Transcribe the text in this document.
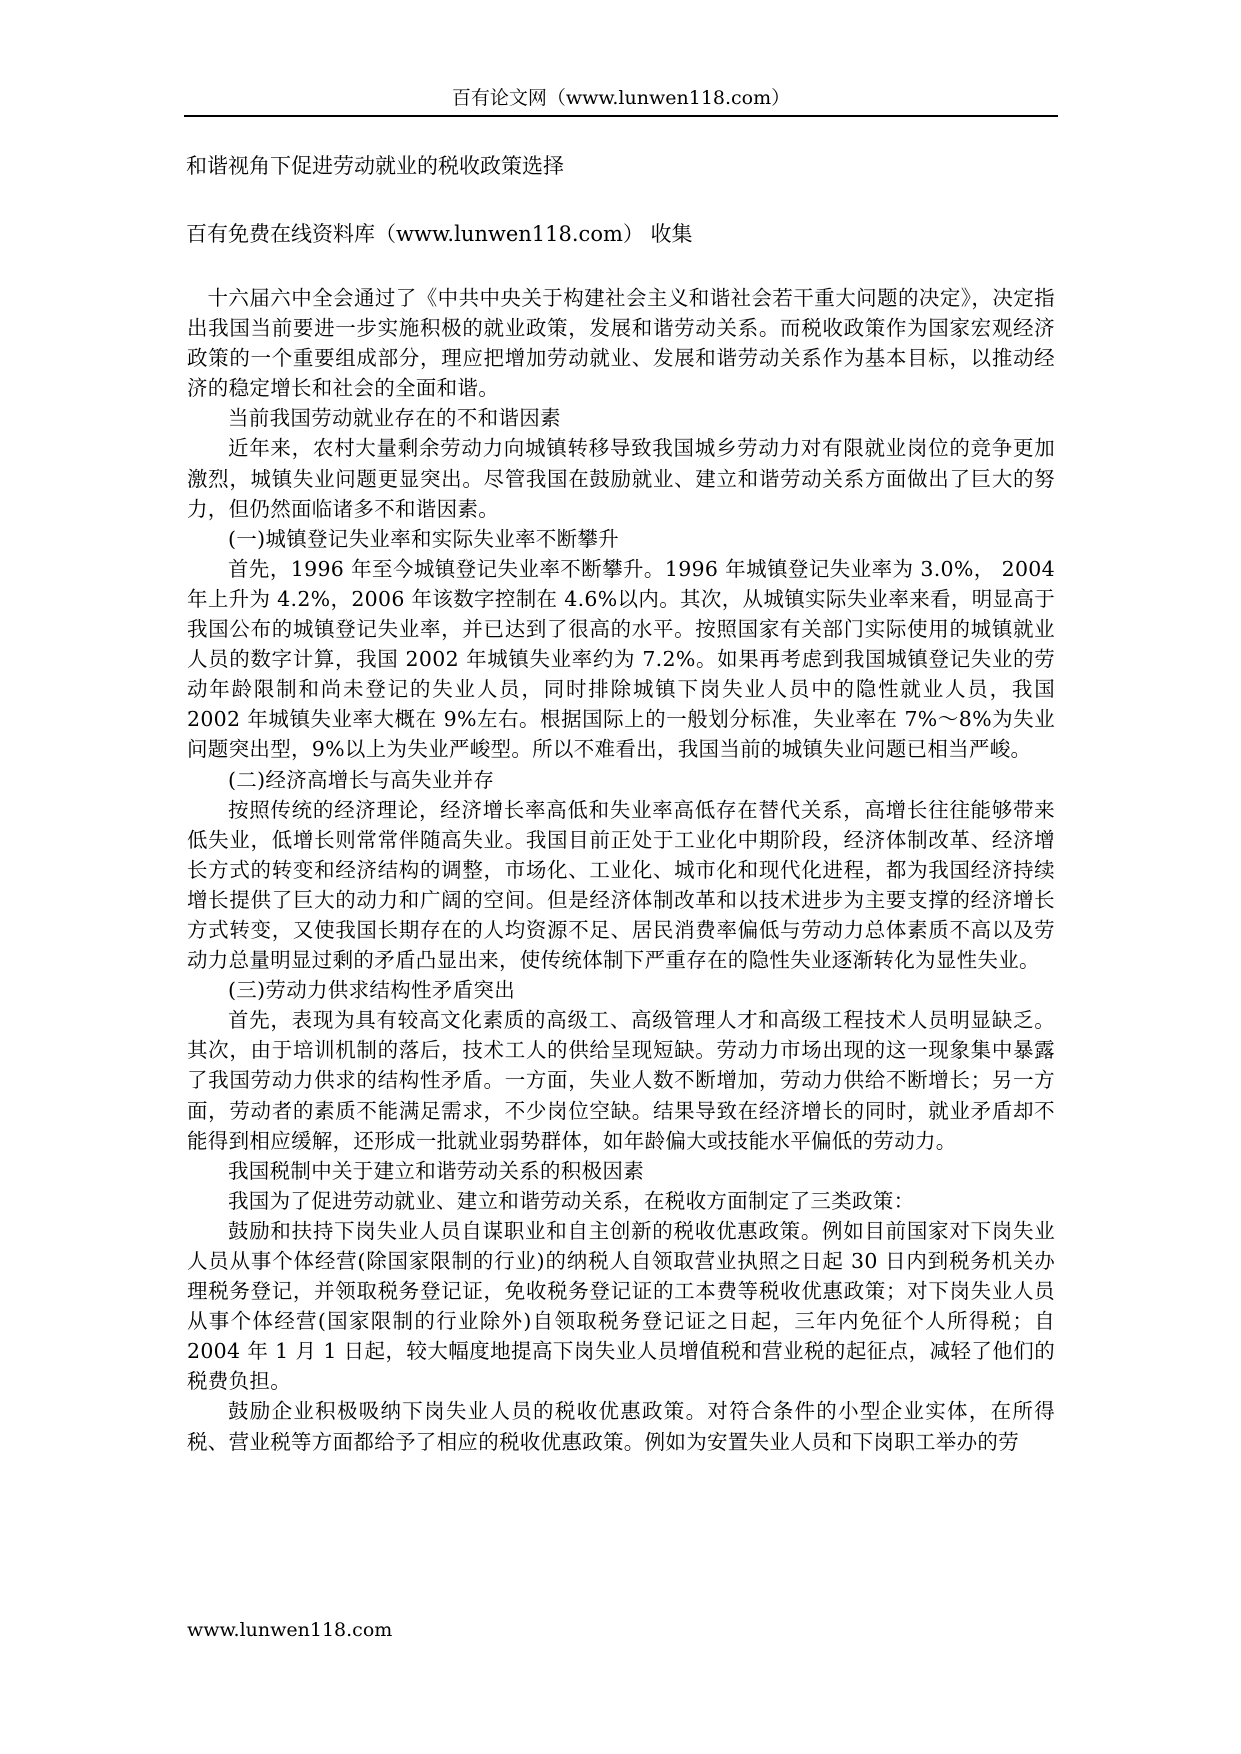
百有论文网（www.lunwen118.com）
和谐视角下促进劳动就业的税收政策选择
百有免费在线资料库（www.lunwen118.com） 收集

十六届六中全会通过了《中共中央关于构建社会主义和谐社会若干重大问题的决定》，决定指出我国当前要进一步实施积极的就业政策，发展和谐劳动关系。而税收政策作为国家宏观经济政策的一个重要组成部分，理应把增加劳动就业、发展和谐劳动关系作为基本目标，以推动经济的稳定增长和社会的全面和谐。

当前我国劳动就业存在的不和谐因素

近年来，农村大量剩余劳动力向城镇转移导致我国城乡劳动力对有限就业岗位的竞争更加激烈，城镇失业问题更显突出。尽管我国在鼓励就业、建立和谐劳动关系方面做出了巨大的努力，但仍然面临诸多不和谐因素。

(一)城镇登记失业率和实际失业率不断攀升

首先，1996 年至今城镇登记失业率不断攀升。1996 年城镇登记失业率为 3.0%， 2004 年上升为 4.2%，2006 年该数字控制在 4.6%以内。其次，从城镇实际失业率来看，明显高于我国公布的城镇登记失业率，并已达到了很高的水平。按照国家有关部门实际使用的城镇就业人员的数字计算，我国 2002 年城镇失业率约为 7.2%。如果再考虑到我国城镇登记失业的劳动年龄限制和尚未登记的失业人员，同时排除城镇下岗失业人员中的隐性就业人员，我国 2002 年城镇失业率大概在 9%左右。根据国际上的一般划分标准，失业率在 7%～8%为失业问题突出型，9%以上为失业严峻型。所以不难看出，我国当前的城镇失业问题已相当严峻。

(二)经济高增长与高失业并存

按照传统的经济理论，经济增长率高低和失业率高低存在替代关系，高增长往往能够带来低失业，低增长则常常伴随高失业。我国目前正处于工业化中期阶段，经济体制改革、经济增长方式的转变和经济结构的调整，市场化、工业化、城市化和现代化进程，都为我国经济持续增长提供了巨大的动力和广阔的空间。但是经济体制改革和以技术进步为主要支撑的经济增长方式转变，又使我国长期存在的人均资源不足、居民消费率偏低与劳动力总体素质不高以及劳动力总量明显过剩的矛盾凸显出来，使传统体制下严重存在的隐性失业逐渐转化为显性失业。

(三)劳动力供求结构性矛盾突出

首先，表现为具有较高文化素质的高级工、高级管理人才和高级工程技术人员明显缺乏。其次，由于培训机制的落后，技术工人的供给呈现短缺。劳动力市场出现的这一现象集中暴露了我国劳动力供求的结构性矛盾。一方面，失业人数不断增加，劳动力供给不断增长；另一方面，劳动者的素质不能满足需求，不少岗位空缺。结果导致在经济增长的同时，就业矛盾却不能得到相应缓解，还形成一批就业弱势群体，如年龄偏大或技能水平偏低的劳动力。

我国税制中关于建立和谐劳动关系的积极因素

我国为了促进劳动就业、建立和谐劳动关系，在税收方面制定了三类政策：

鼓励和扶持下岗失业人员自谋职业和自主创新的税收优惠政策。例如目前国家对下岗失业人员从事个体经营(除国家限制的行业)的纳税人自领取营业执照之日起 30 日内到税务机关办理税务登记，并领取税务登记证，免收税务登记证的工本费等税收优惠政策；对下岗失业人员从事个体经营(国家限制的行业除外)自领取税务登记证之日起，三年内免征个人所得税；自 2004 年 1 月 1 日起，较大幅度地提高下岗失业人员增值税和营业税的起征点，减轻了他们的税费负担。

鼓励企业积极吸纳下岗失业人员的税收优惠政策。对符合条件的小型企业实体，在所得税、营业税等方面都给予了相应的税收优惠政策。例如为安置失业人员和下岗职工举办的劳

www.lunwen118.com
